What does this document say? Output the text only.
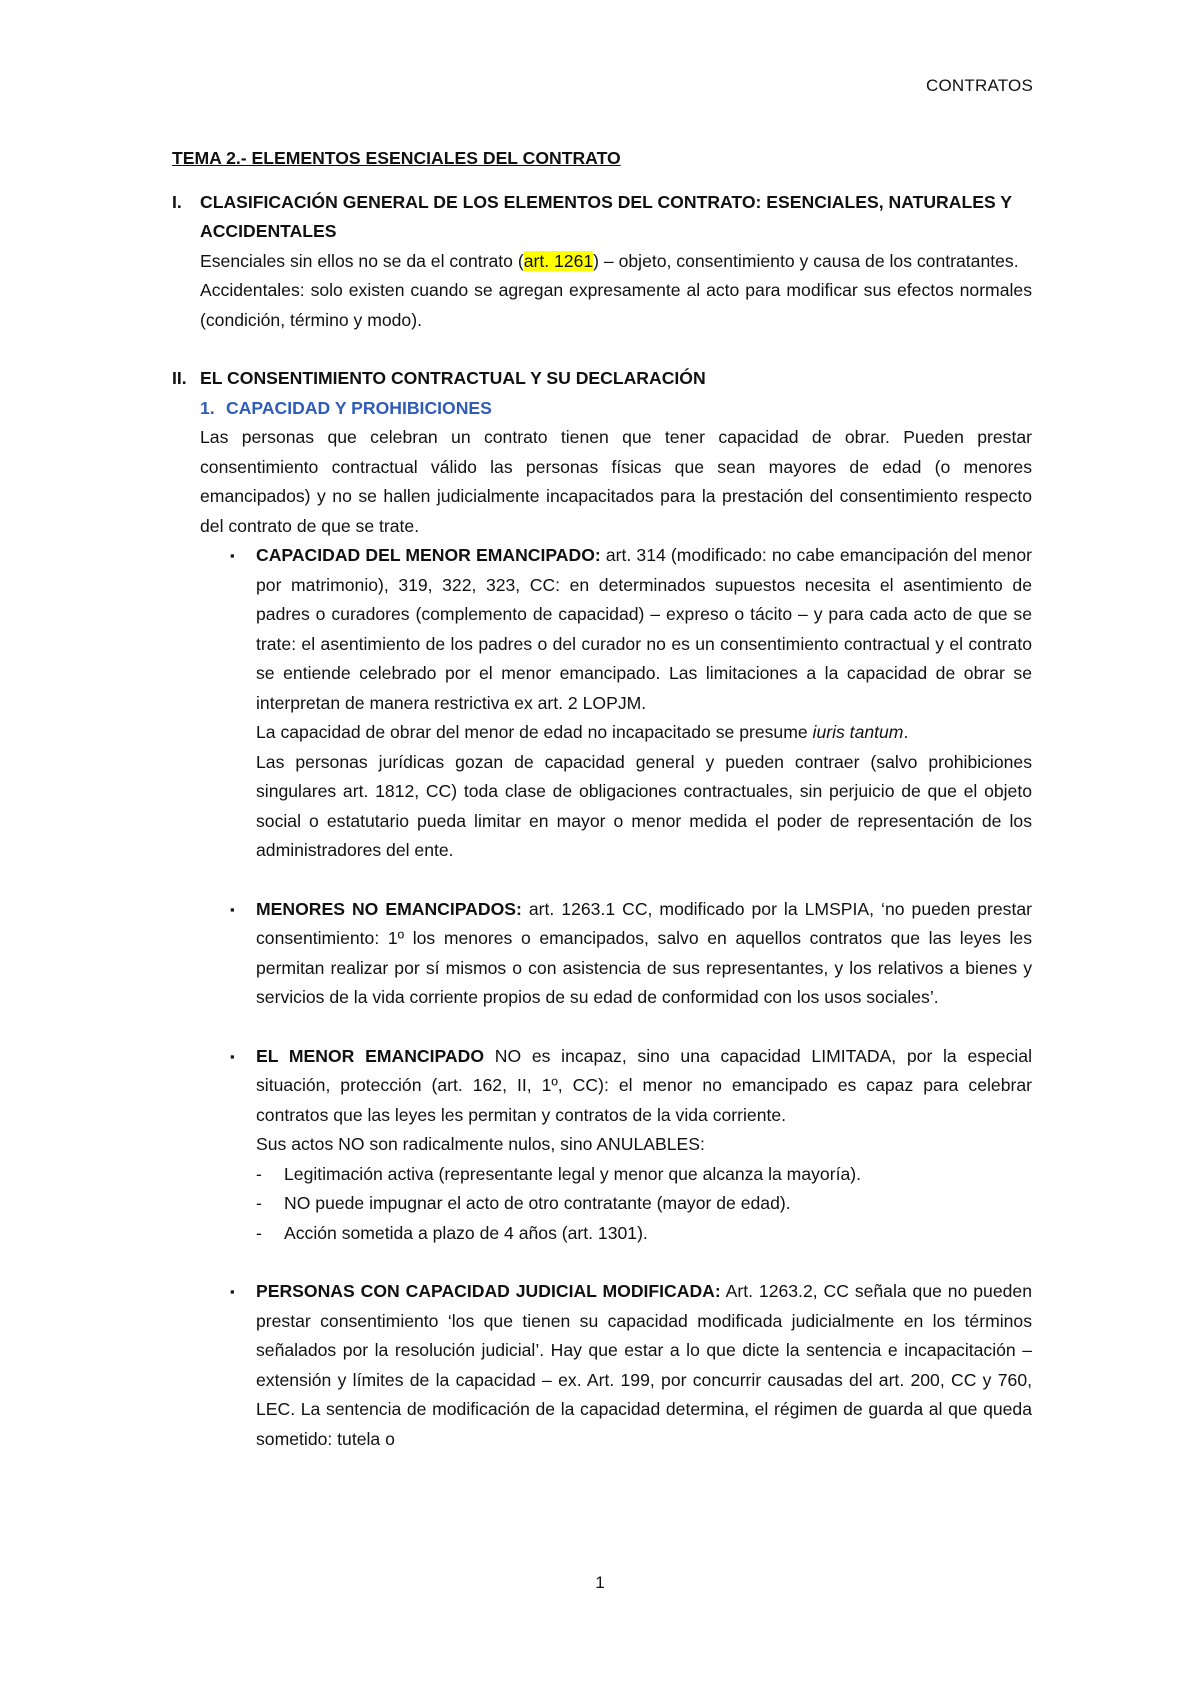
CONTRATOS

TEMA 2.- ELEMENTOS ESENCIALES DEL CONTRATO

I.	CLASIFICACIÓN GENERAL DE LOS ELEMENTOS DEL CONTRATO: ESENCIALES, NATURALES Y ACCIDENTALES

Esenciales sin ellos no se da el contrato (art. 1261) – objeto, consentimiento y causa de los contratantes.

Accidentales: solo existen cuando se agregan expresamente al acto para modificar sus efectos normales (condición, término y modo).

II. EL CONSENTIMIENTO CONTRACTUAL Y SU DECLARACIÓN

1. CAPACIDAD Y PROHIBICIONES

Las personas que celebran un contrato tienen que tener capacidad de obrar. Pueden prestar consentimiento contractual válido las personas físicas que sean mayores de edad (o menores emancipados) y no se hallen judicialmente incapacitados para la prestación del consentimiento respecto del contrato de que se trate.

▪	CAPACIDAD DEL MENOR EMANCIPADO: art. 314 (modificado: no cabe emancipación del menor por matrimonio), 319, 322, 323, CC: en determinados supuestos necesita el asentimiento de padres o curadores (complemento de capacidad) – expreso o tácito – y para cada acto de que se trate: el asentimiento de los padres o del curador no es un consentimiento contractual y el contrato se entiende celebrado por el menor emancipado. Las limitaciones a la capacidad de obrar se interpretan de manera restrictiva ex art. 2 LOPJM.

La capacidad de obrar del menor de edad no incapacitado se presume iuris tantum.

Las personas jurídicas gozan de capacidad general y pueden contraer (salvo prohibiciones singulares art. 1812, CC) toda clase de obligaciones contractuales, sin perjuicio de que el objeto social o estatutario pueda limitar en mayor o menor medida el poder de representación de los administradores del ente.

▪	MENORES NO EMANCIPADOS: art. 1263.1 CC, modificado por la LMSPIA, ‘no pueden prestar consentimiento: 1º los menores o emancipados, salvo en aquellos contratos que las leyes les permitan realizar por sí mismos o con asistencia de sus representantes, y los relativos a bienes y servicios de la vida corriente propios de su edad de conformidad con los usos sociales’.

▪	EL MENOR EMANCIPADO NO es incapaz, sino una capacidad LIMITADA, por la especial situación, protección (art. 162, II, 1º, CC): el menor no emancipado es capaz para celebrar contratos que las leyes les permitan y contratos de la vida corriente.

Sus actos NO son radicalmente nulos, sino ANULABLES:

-	Legitimación activa (representante legal y menor que alcanza la mayoría).
-	NO puede impugnar el acto de otro contratante (mayor de edad).
-	Acción sometida a plazo de 4 años (art. 1301).
▪	PERSONAS CON CAPACIDAD JUDICIAL MODIFICADA: Art. 1263.2, CC señala que no pueden prestar consentimiento ‘los que tienen su capacidad modificada judicialmente en los términos señalados por la resolución judicial’. Hay que estar a lo que dicte la sentencia e incapacitación – extensión y límites de la capacidad – ex. Art. 199, por concurrir causadas del art. 200, CC y 760, LEC. La sentencia de modificación de la capacidad determina, el régimen de guarda al que queda sometido: tutela o

1
